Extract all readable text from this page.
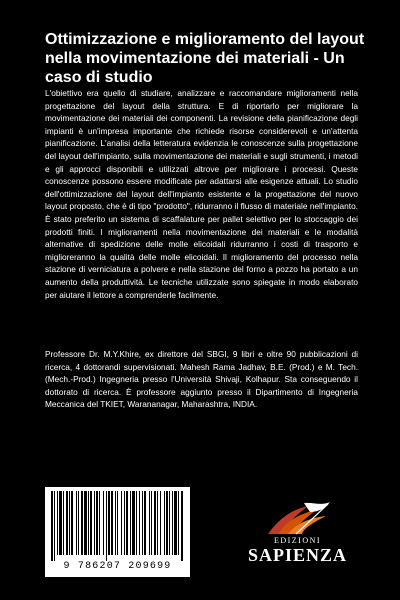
Ottimizzazione e miglioramento del layout nella movimentazione dei materiali - Un caso di studio

L'obiettivo era quello di studiare, analizzare e raccomandare miglioramenti nella progettazione del layout della struttura. E di riportarlo per migliorare la movimentazione dei materiali dei componenti. La revisione della pianificazione degli impianti è un'impresa importante che richiede risorse considerevoli e un'attenta pianificazione. L'analisi della letteratura evidenzia le conoscenze sulla progettazione del layout dell'impianto, sulla movimentazione dei materiali e sugli strumenti, i metodi e gli approcci disponibili e utilizzati altrove per migliorare i processi. Queste conoscenze possono essere modificate per adattarsi alle esigenze attuali. Lo studio dell'ottimizzazione del layout dell'impianto esistente e la progettazione del nuovo layout proposto, che è di tipo "prodotto", ridurranno il flusso di materiale nell'impianto. È stato preferito un sistema di scaffalature per pallet selettivo per lo stoccaggio dei prodotti finiti. I miglioramenti nella movimentazione dei materiali e le modalità alternative di spedizione delle molle elicoidali ridurranno i costi di trasporto e miglioreranno la qualità delle molle elicoidali. Il miglioramento del processo nella stazione di verniciatura a polvere e nella stazione del forno a pozzo ha portato a un aumento della produttività. Le tecniche utilizzate sono spiegate in modo elaborato per aiutare il lettore a comprenderle facilmente.

Professore Dr. M.Y.Khire, ex direttore del SBGI, 9 libri e oltre 90 pubblicazioni di ricerca, 4 dottorandi supervisionati. Mahesh Rama Jadhav, B.E. (Prod.) e M. Tech. (Mech.-Prod.) Ingegneria presso l'Università Shivaji, Kolhapur. Sta conseguendo il dottorato di ricerca. È professore aggiunto presso il Dipartimento di Ingegneria Meccanica del TKIET, Warananagar, Maharashtra, INDIA.

9 786207 209699
EDIZIONI
SAPIENZA
